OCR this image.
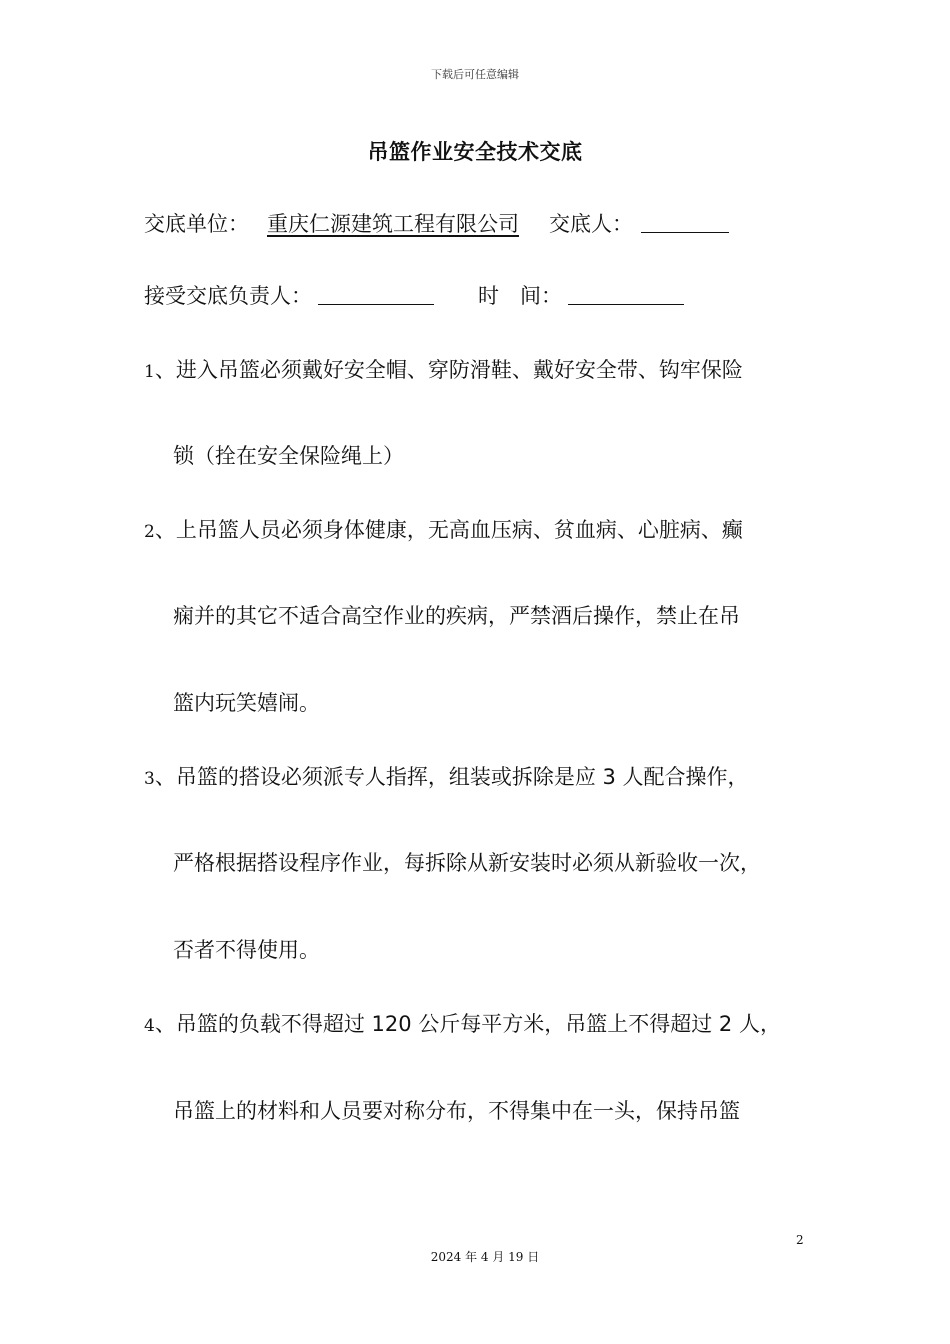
下载后可任意编辑
吊篮作业安全技术交底
交底单位： 重庆仁源建筑工程有限公司 交底人：
接受交底负责人：	时　间：
1、进入吊篮必须戴好安全帽、穿防滑鞋、戴好安全带、钩牢保险
锁（拴在安全保险绳上）
2、上吊篮人员必须身体健康，无高血压病、贫血病、心脏病、癫
痫并的其它不适合高空作业的疾病，严禁酒后操作，禁止在吊
篮内玩笑嬉闹。
3、吊篮的搭设必须派专人指挥，组装或拆除是应 3 人配合操作，
严格根据搭设程序作业，每拆除从新安装时必须从新验收一次，
否者不得使用。
4、吊篮的负载不得超过 120 公斤每平方米，吊篮上不得超过 2 人，
吊篮上的材料和人员要对称分布，不得集中在一头，保持吊篮
2
2024 年 4 月 19 日
